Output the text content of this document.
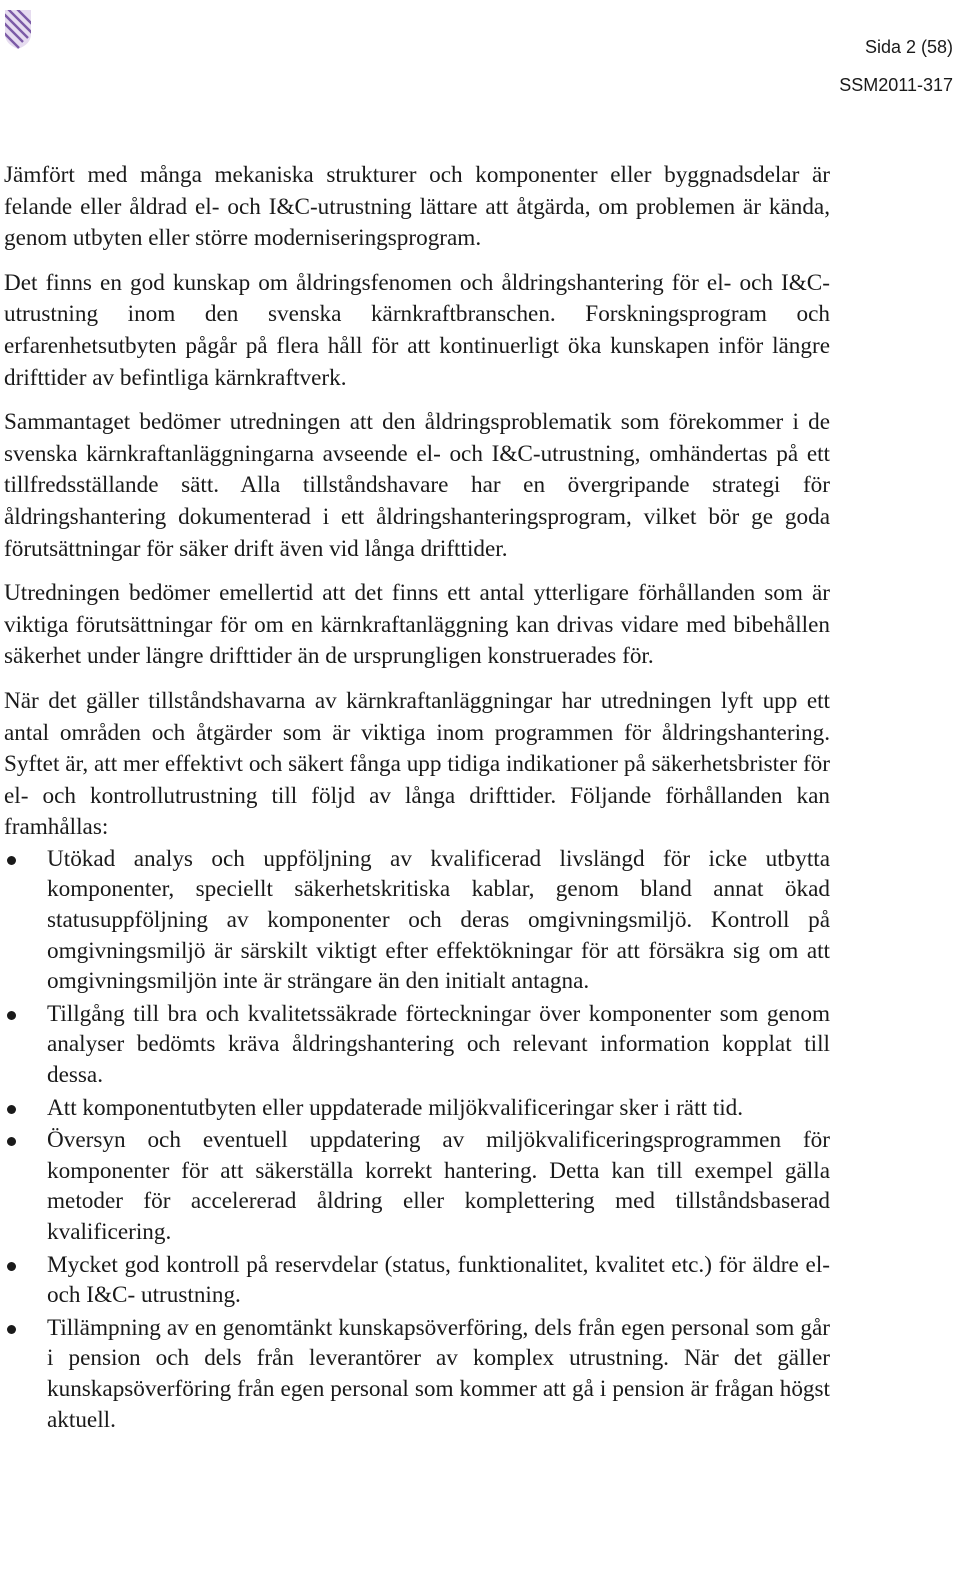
Sida 2 (58)
SSM2011-317

Jämfört med många mekaniska strukturer och komponenter eller byggnadsdelar är felande eller åldrad el- och I&C-utrustning lättare att åtgärda, om problemen är kända, genom utbyten eller större moderniseringsprogram.

Det finns en god kunskap om åldringsfenomen och åldringshantering för el- och I&C-utrustning inom den svenska kärnkraftbranschen. Forskningsprogram och erfarenhetsutbyten pågår på flera håll för att kontinuerligt öka kunskapen inför längre drifttider av befintliga kärnkraftverk.

Sammantaget bedömer utredningen att den åldringsproblematik som förekommer i de svenska kärnkraftanläggningarna avseende el- och I&C-utrustning, omhändertas på ett tillfredsställande sätt. Alla tillståndshavare har en övergripande strategi för åldringshantering dokumenterad i ett åldringshanteringsprogram, vilket bör ge goda förutsättningar för säker drift även vid långa drifttider.

Utredningen bedömer emellertid att det finns ett antal ytterligare förhållanden som är viktiga förutsättningar för om en kärnkraftanläggning kan drivas vidare med bibehållen säkerhet under längre drifttider än de ursprungligen konstruerades för.

När det gäller tillståndshavarna av kärnkraftanläggningar har utredningen lyft upp ett antal områden och åtgärder som är viktiga inom programmen för åldringshantering. Syftet är, att mer effektivt och säkert fånga upp tidiga indikationer på säkerhetsbrister för el- och kontrollutrustning till följd av långa drifttider. Följande förhållanden kan framhållas:

Utökad analys och uppföljning av kvalificerad livslängd för icke utbytta komponenter, speciellt säkerhetskritiska kablar, genom bland annat ökad statusuppföljning av komponenter och deras omgivningsmiljö. Kontroll på omgivningsmiljö är särskilt viktigt efter effektökningar för att försäkra sig om att omgivningsmiljön inte är strängare än den initialt antagna.
Tillgång till bra och kvalitetssäkrade förteckningar över komponenter som genom analyser bedömts kräva åldringshantering och relevant information kopplat till dessa.
Att komponentutbyten eller uppdaterade miljökvalificeringar sker i rätt tid.
Översyn och eventuell uppdatering av miljökvalificeringsprogrammen för komponenter för att säkerställa korrekt hantering. Detta kan till exempel gälla metoder för accelererad åldring eller komplettering med tillståndsbaserad kvalificering.
Mycket god kontroll på reservdelar (status, funktionalitet, kvalitet etc.) för äldre el- och I&C- utrustning.
Tillämpning av en genomtänkt kunskapsöverföring, dels från egen personal som går i pension och dels från leverantörer av komplex utrustning. När det gäller kunskapsöverföring från egen personal som kommer att gå i pension är frågan högst aktuell.
